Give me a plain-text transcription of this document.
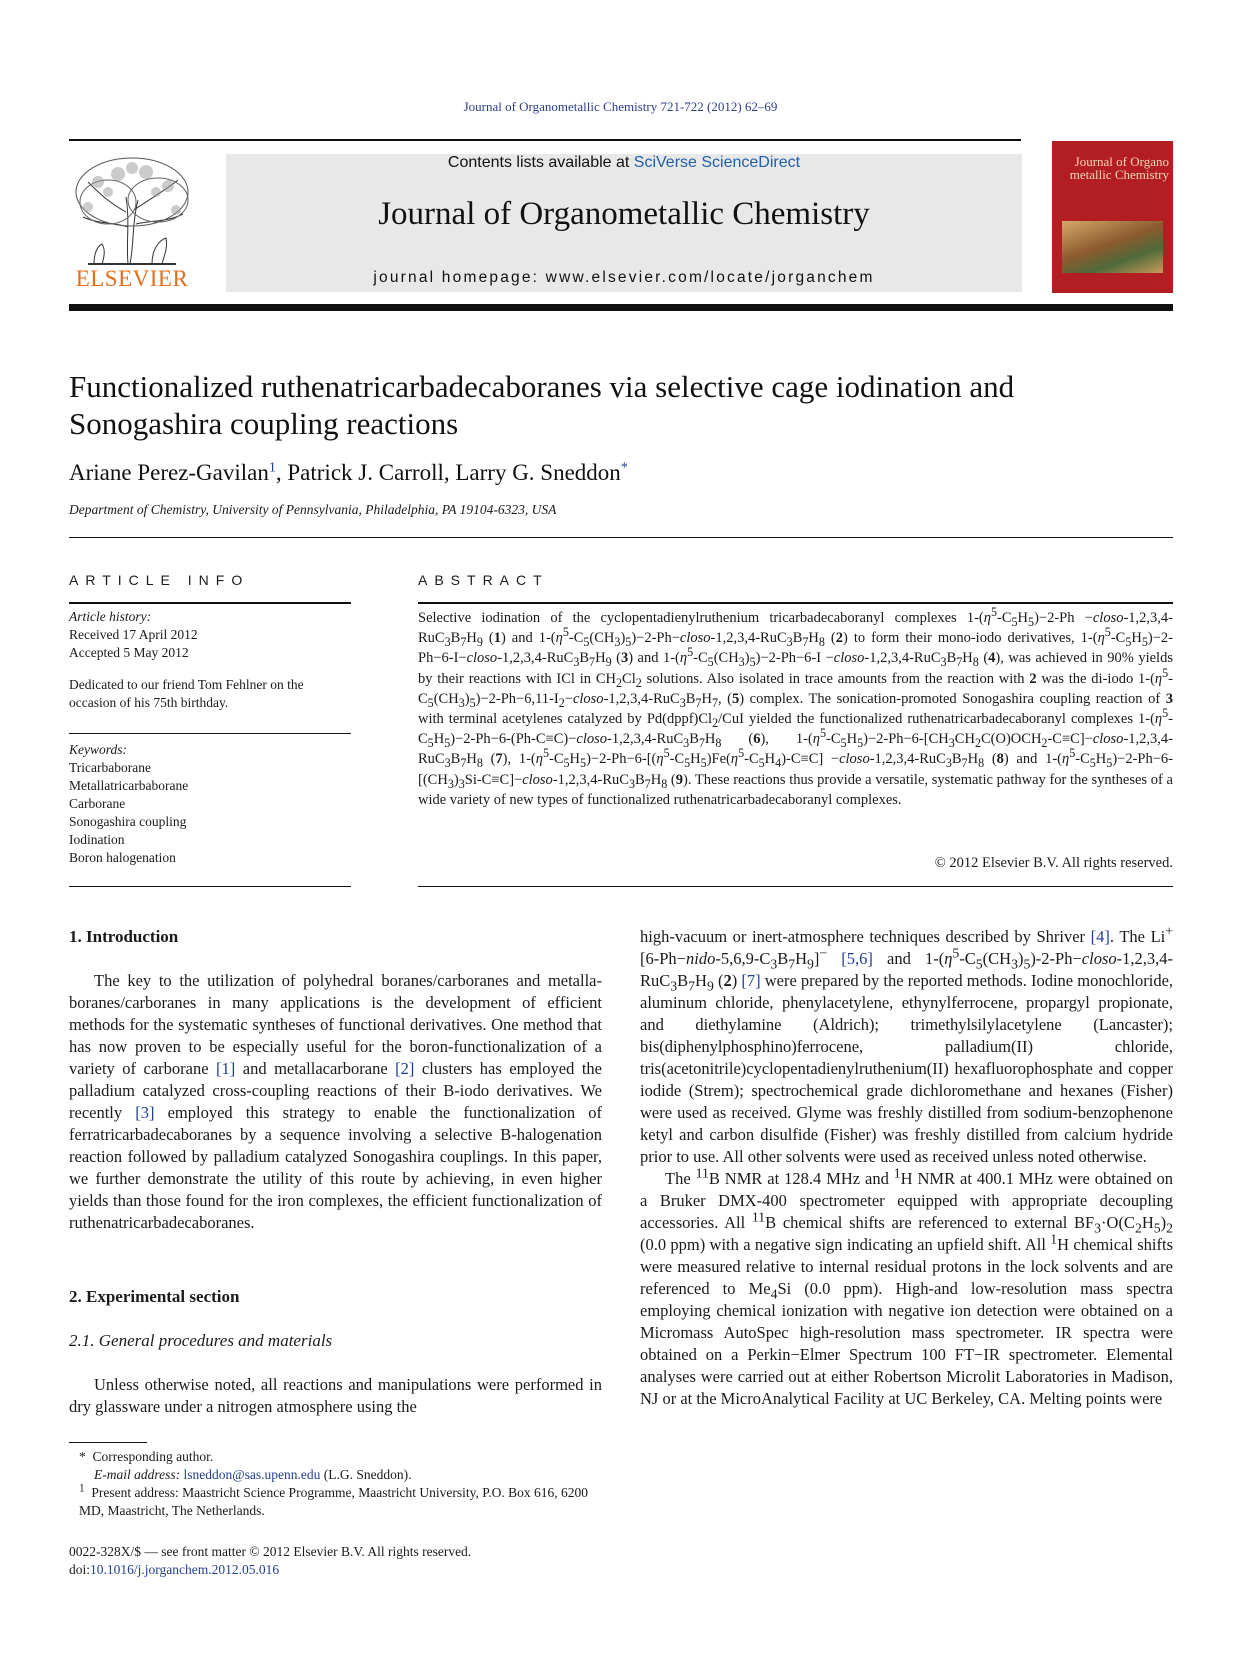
Journal of Organometallic Chemistry 721-722 (2012) 62–69
ELSEVIER
Contents lists available at SciVerse ScienceDirect
Journal of Organometallic Chemistry
journal homepage: www.elsevier.com/locate/jorganchem
Journal of Organo metallic Chemistry
Functionalized ruthenatricarbadecaboranes via selective cage iodination and Sonogashira coupling reactions
Ariane Perez-Gavilan$^1$, Patrick J. Carroll, Larry G. Sneddon*
Department of Chemistry, University of Pennsylvania, Philadelphia, PA 19104-6323, USA
ARTICLE INFO
Article history:
Received 17 April 2012
Accepted 5 May 2012
Dedicated to our friend Tom Fehlner on the occasion of his 75th birthday.
Keywords:
Tricarbaborane
Metallatricarbaborane
Carborane
Sonogashira coupling
Iodination
Boron halogenation
ABSTRACT
Selective iodination of the cyclopentadienylruthenium tricarbadecaboranyl complexes $1-(\eta^5-C_5H_5)-2-Ph$ $-closo-1,2,3,4-RuC_3B_7H_9$ (1) and $1-(\eta^5-C_5(CH_3)_5)-2-Ph-closo-1,2,3,4-RuC_3B_7H_8$ (2) to form their mono-iodo derivatives, $1-(\eta^5-C_5H_5)-2-Ph-6-I-closo-1,2,3,4-RuC_3B_7H_9$ (3) and $1-(\eta^5-C_5(CH_3)_5)-2-Ph-6-I$ $-closo-1,2,3,4-RuC_3B_7H_8$ (4), was achieved in 90% yields by their reactions with ICl in $CH_2Cl_2$ solutions. Also isolated in trace amounts from the reaction with 2 was the di-iodo $1-(\eta^5-C_5(CH_3)_5)-2-Ph-6,11-I_2-closo-1,2,3,4-RuC_3B_7H_7$, (5) complex. The sonication-promoted Sonogashira coupling reaction of 3 with terminal acetylenes catalyzed by $Pd(dppf)Cl_2$/CuI yielded the functionalized ruthenatricarbadecaboranyl complexes $1-(\eta^5-C_5H_5)-2-Ph-6-(Ph-C\equiv C)-closo-1,2,3,4-RuC_3B_7H_8$ (6), $1-(\eta^5-C_5H_5)-2-Ph-6-[CH_3CH_2C(O)OCH_2-C\equiv C]-closo-1,2,3,4-RuC_3B_7H_8$ (7), $1-(\eta^5-C_5H_5)-2-Ph-6-[(\eta^5-C_5H_5)Fe(\eta^5-C_5H_4)-C\equiv C]$ $-closo-1,2,3,4-RuC_3B_7H_8$ (8) and $1-(\eta^5-C_5H_5)-2-Ph-6-[(CH_3)_3Si-C\equiv C]-closo-1,2,3,4-RuC_3B_7H_8$ (9). These reactions thus provide a versatile, systematic pathway for the syntheses of a wide variety of new types of functionalized ruthenatricarbadecaboranyl complexes.
© 2012 Elsevier B.V. All rights reserved.
1. Introduction

The key to the utilization of polyhedral boranes/carboranes and metalla-boranes/carboranes in many applications is the development of efficient methods for the systematic syntheses of functional derivatives. One method that has now proven to be especially useful for the boron-functionalization of a variety of carborane [1] and metallacarborane [2] clusters has employed the palladium catalyzed cross-coupling reactions of their B-iodo derivatives. We recently [3] employed this strategy to enable the functionalization of ferratricarbadecaboranes by a sequence involving a selective B-halogenation reaction followed by palladium catalyzed Sonogashira couplings. In this paper, we further demonstrate the utility of this route by achieving, in even higher yields than those found for the iron complexes, the efficient functionalization of ruthenatricarbadecaboranes.

2. Experimental section
2.1. General procedures and materials

Unless otherwise noted, all reactions and manipulations were performed in dry glassware under a nitrogen atmosphere using the

* Corresponding author.
E-mail address: lsneddon@sas.upenn.edu (L.G. Sneddon).
$^1$ Present address: Maastricht Science Programme, Maastricht University, P.O. Box 616, 6200 MD, Maastricht, The Netherlands.
0022-328X/$ — see front matter © 2012 Elsevier B.V. All rights reserved.
doi:10.1016/j.jorganchem.2012.05.016

high-vacuum or inert-atmosphere techniques described by Shriver [4]. The $Li^+[6-Ph-nido-5,6,9-C_3B_7H_9]^-$ [5,6] and $1-(\eta^5-C_5(CH_3)_5)-2-Ph-closo-1,2,3,4-RuC_3B_7H_9$ (2) [7] were prepared by the reported methods. Iodine monochloride, aluminum chloride, phenylacetylene, ethynylferrocene, propargyl propionate, and diethylamine (Aldrich); trimethylsilylacetylene (Lancaster); bis(diphenylphosphino)ferrocene, palladium(II) chloride, tris(acetonitrile)cyclopentadienylruthenium(II) hexafluorophosphate and copper iodide (Strem); spectrochemical grade dichloromethane and hexanes (Fisher) were used as received. Glyme was freshly distilled from sodium-benzophenone ketyl and carbon disulfide (Fisher) was freshly distilled from calcium hydride prior to use. All other solvents were used as received unless noted otherwise.

The $^{11}$B NMR at 128.4 MHz and $^1$H NMR at 400.1 MHz were obtained on a Bruker DMX-400 spectrometer equipped with appropriate decoupling accessories. All $^{11}$B chemical shifts are referenced to external $BF_3\cdot O(C_2H_5)_2$ (0.0 ppm) with a negative sign indicating an upfield shift. All $^1$H chemical shifts were measured relative to internal residual protons in the lock solvents and are referenced to $Me_4Si$ (0.0 ppm). High-and low-resolution mass spectra employing chemical ionization with negative ion detection were obtained on a Micromass AutoSpec high-resolution mass spectrometer. IR spectra were obtained on a Perkin−Elmer Spectrum 100 FT−IR spectrometer. Elemental analyses were carried out at either Robertson Microlit Laboratories in Madison, NJ or at the MicroAnalytical Facility at UC Berkeley, CA. Melting points were
